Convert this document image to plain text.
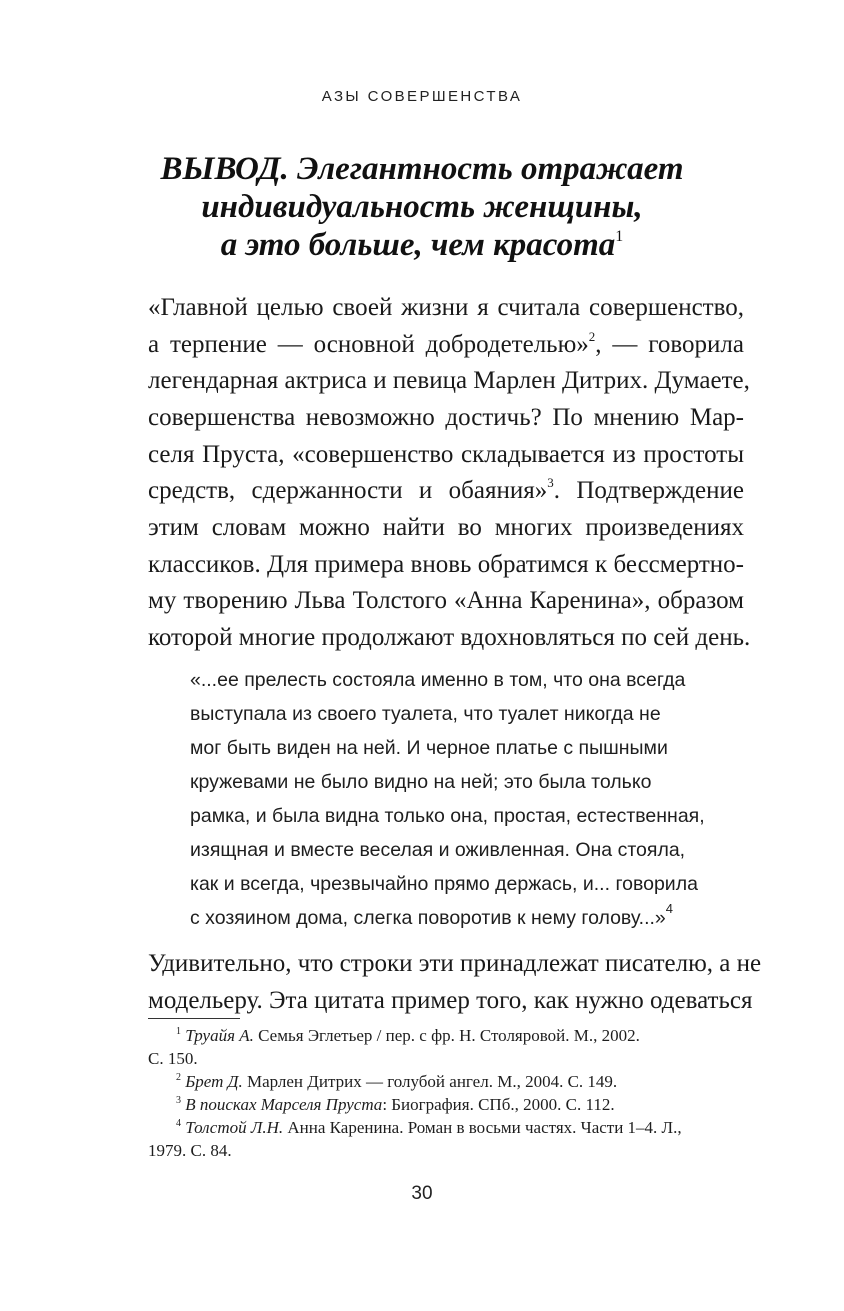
АЗЫ СОВЕРШЕНСТВА
ВЫВОД. Элегантность отражает
индивидуальность женщины,
а это больше, чем красота$^1$
«Главной целью своей жизни я считала совершенство,
а терпение — основной добродетелью»$^2$, — говорила
легендарная актриса и певица Марлен Дитрих. Думаете,
совершенства невозможно достичь? По мнению Мар-
селя Пруста, «совершенство складывается из простоты
средств, сдержанности и обаяния»$^3$. Подтверждение
этим словам можно найти во многих произведениях
классиков. Для примера вновь обратимся к бессмертно-
му творению Льва Толстого «Анна Каренина», образом
которой многие продолжают вдохновляться по сей день.
«...ее прелесть состояла именно в том, что она всегда
выступала из своего туалета, что туалет никогда не
мог быть виден на ней. И черное платье с пышными
кружевами не было видно на ней; это была только
рамка, и была видна только она, простая, естественная,
изящная и вместе веселая и оживленная. Она стояла,
как и всегда, чрезвычайно прямо держась, и... говорила
с хозяином дома, слегка поворотив к нему голову...»$^4$
Удивительно, что строки эти принадлежат писателю, а не
модельеру. Эта цитата пример того, как нужно одеваться
$^1$ Труайя А. Семья Эглетьер / пер. с фр. Н. Столяровой. М., 2002.
С. 150.
$^2$ Брет Д. Марлен Дитрих — голубой ангел. М., 2004. С. 149.
$^3$ В поисках Марселя Пруста: Биография. СПб., 2000. С. 112.
$^4$ Толстой Л.Н. Анна Каренина. Роман в восьми частях. Части 1–4. Л.,
1979. С. 84.
30
